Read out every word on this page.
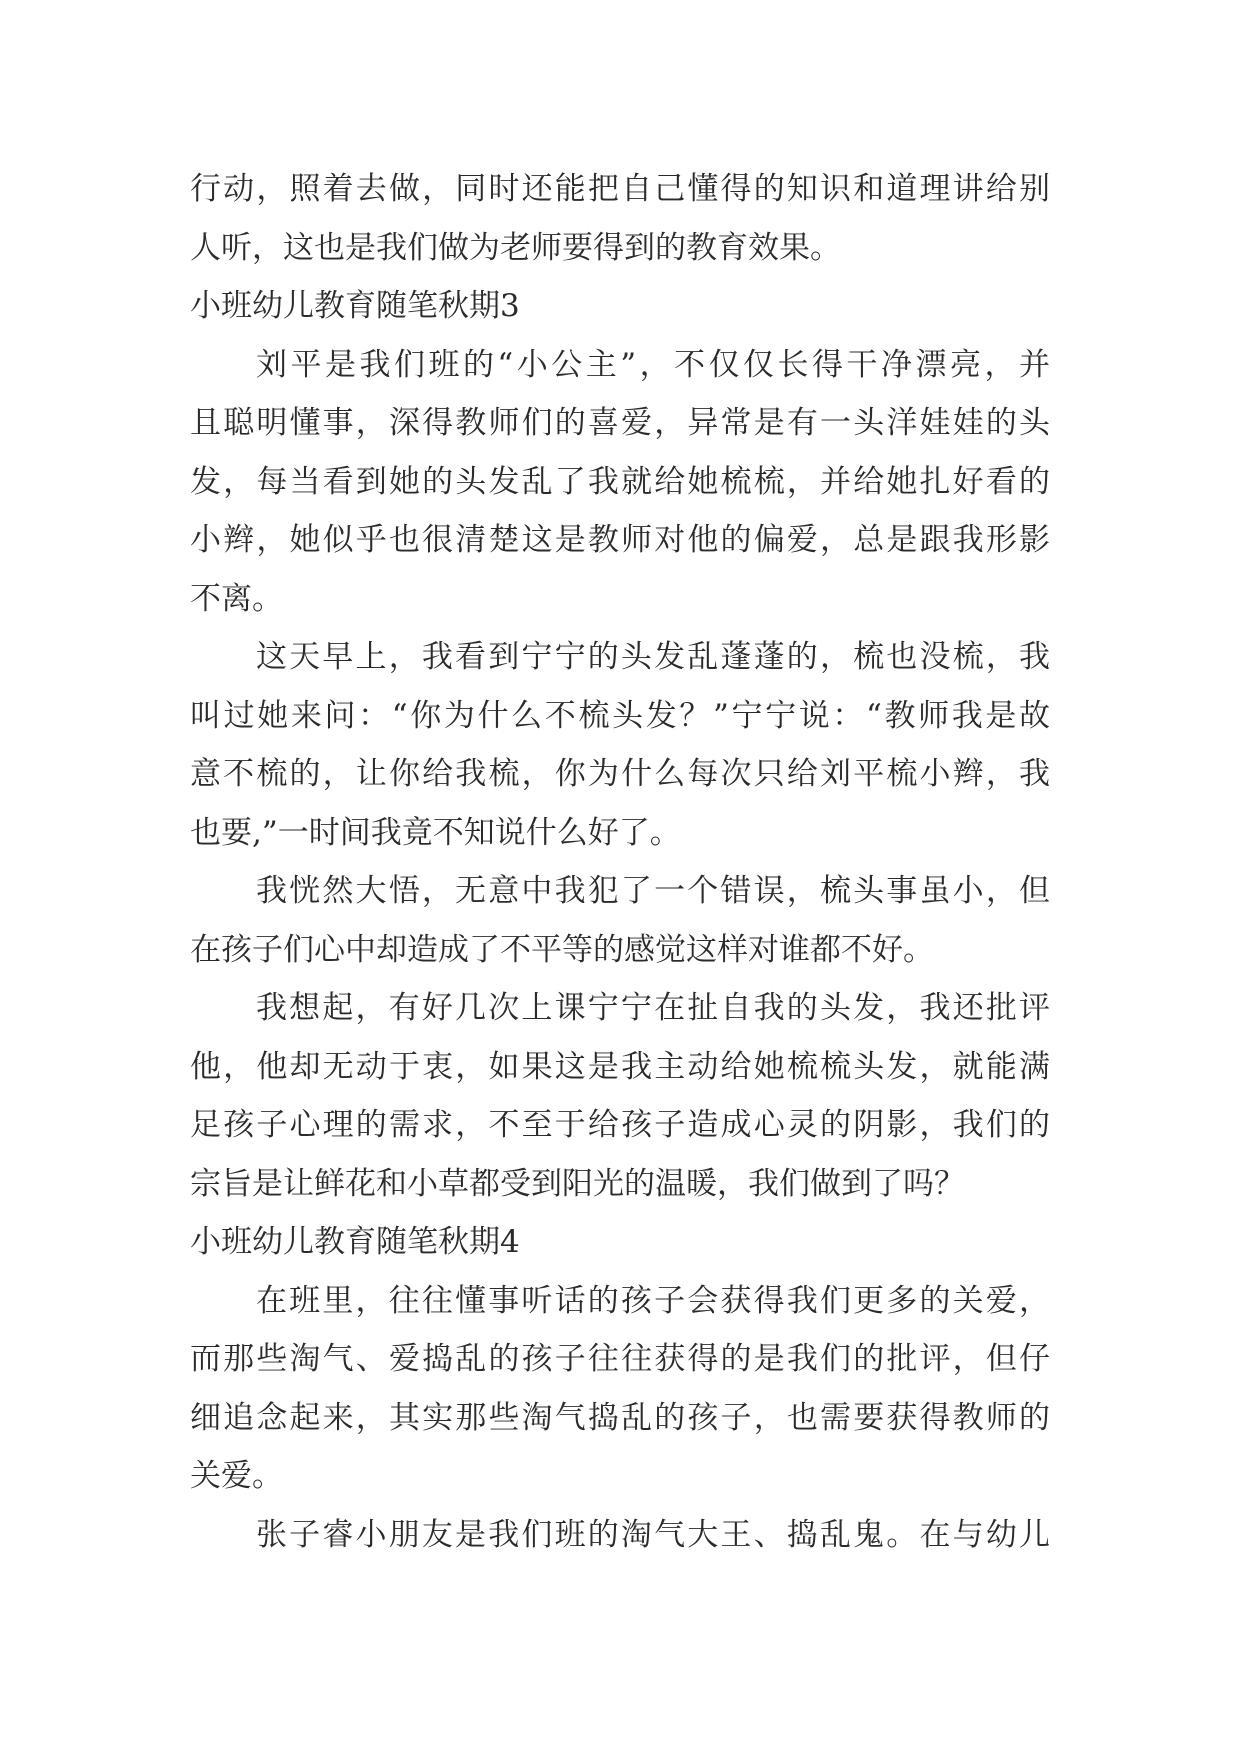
行动，照着去做，同时还能把自己懂得的知识和道理讲给别
人听，这也是我们做为老师要得到的教育效果。
小班幼儿教育随笔秋期3
刘平是我们班的“小公主”，不仅仅长得干净漂亮，并
且聪明懂事，深得教师们的喜爱，异常是有一头洋娃娃的头
发，每当看到她的头发乱了我就给她梳梳，并给她扎好看的
小辫，她似乎也很清楚这是教师对他的偏爱，总是跟我形影
不离。
这天早上，我看到宁宁的头发乱蓬蓬的，梳也没梳，我
叫过她来问：“你为什么不梳头发？”宁宁说：“教师我是故
意不梳的，让你给我梳，你为什么每次只给刘平梳小辫，我
也要,”一时间我竟不知说什么好了。
我恍然大悟，无意中我犯了一个错误，梳头事虽小，但
在孩子们心中却造成了不平等的感觉这样对谁都不好。
我想起，有好几次上课宁宁在扯自我的头发，我还批评
他，他却无动于衷，如果这是我主动给她梳梳头发，就能满
足孩子心理的需求，不至于给孩子造成心灵的阴影，我们的
宗旨是让鲜花和小草都受到阳光的温暖，我们做到了吗？
小班幼儿教育随笔秋期4
在班里，往往懂事听话的孩子会获得我们更多的关爱，
而那些淘气、爱捣乱的孩子往往获得的是我们的批评，但仔
细追念起来，其实那些淘气捣乱的孩子，也需要获得教师的
关爱。
张子睿小朋友是我们班的淘气大王、捣乱鬼。在与幼儿
